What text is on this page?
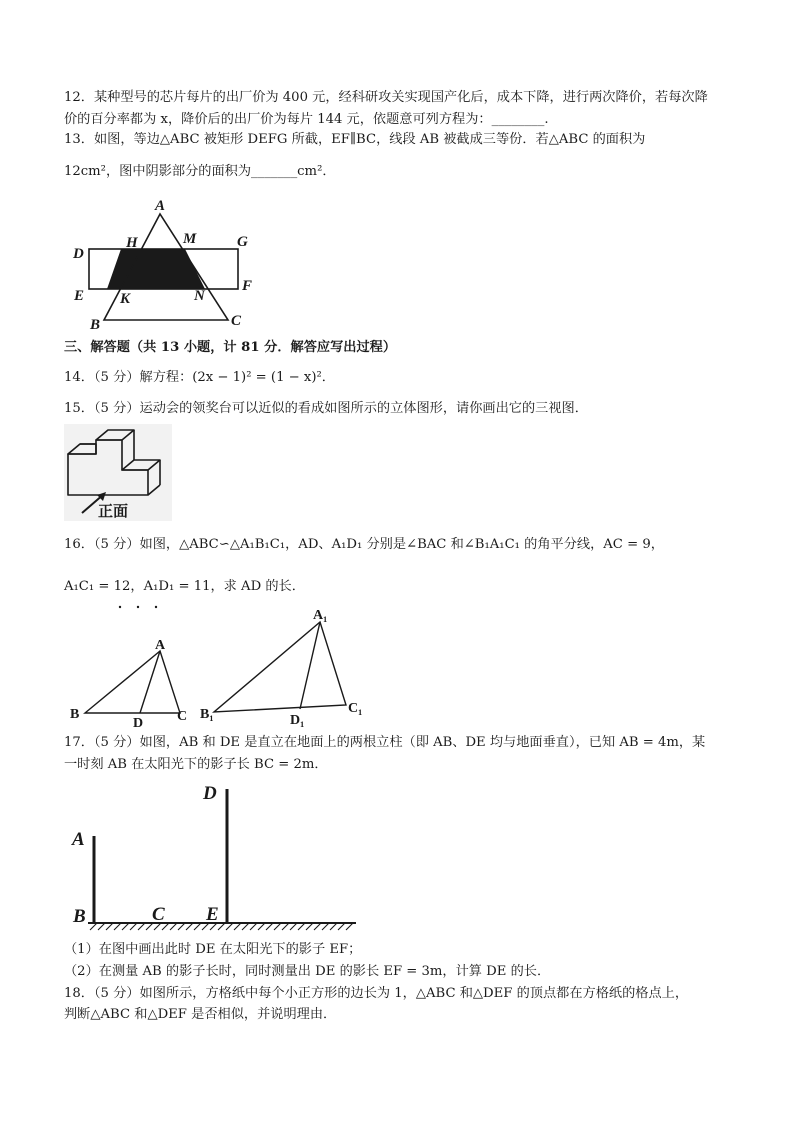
12．某种型号的芯片每片的出厂价为 400 元，经科研攻关实现国产化后，成本下降，进行两次降价，若每次降
价的百分率都为 x，降价后的出厂价为每片 144 元，依题意可列方程为：________.
13．如图，等边△ABC 被矩形 DEFG 所截，EF∥BC，线段 AB 被截成三等份．若△ABC 的面积为
12cm²，图中阴影部分的面积为_______cm²．
A
H	M	G
D
E K	N
F
B	C
三、解答题（共 13 小题，计 81 分．解答应写出过程）
14．（5 分）解方程：(2x − 1)² = (1 − x)²．
15．（5 分）运动会的领奖台可以近似的看成如图所示的立体图形，请你画出它的三视图．
正面
16．（5 分）如图，△ABC∽△A₁B₁C₁，AD、A₁D₁ 分别是∠BAC 和∠B₁A₁C₁ 的角平分线，AC = 9，
A₁C₁ = 12，A₁D₁ = 11，求 AD 的长．
A
B
D C
A₁
B₁	D₁
C₁
17．（5 分）如图，AB 和 DE 是直立在地面上的两根立柱（即 AB、DE 均与地面垂直），已知 AB = 4m，某
一时刻 AB 在太阳光下的影子长 BC = 2m．
A
B	C
D
E
（1）在图中画出此时 DE 在太阳光下的影子 EF；
（2）在测量 AB 的影子长时，同时测量出 DE 的影长 EF = 3m，计算 DE 的长．
18．（5 分）如图所示，方格纸中每个小正方形的边长为 1，△ABC 和△DEF 的顶点都在方格纸的格点上，
判断△ABC 和△DEF 是否相似，并说明理由．
